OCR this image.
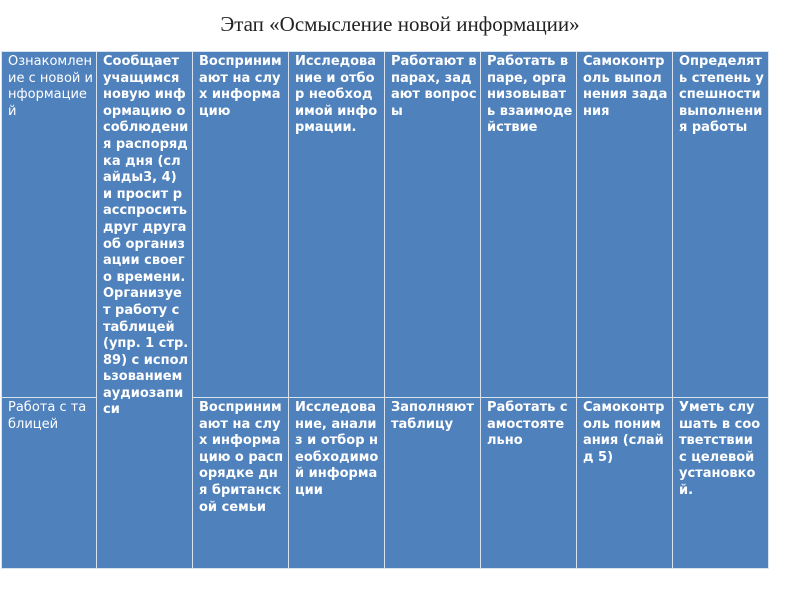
Этап «Осмысление новой информации»
Ознакомление с новой информацией	Сообщает учащимся новую информацию о соблюдения распорядка дня (слайды3, 4) и просит расспросить друг друга об организации своего времени. Организует работу с таблицей (упр. 1 стр. 89) с использованием аудиозаписи	Воспринимают на слух информацию	Исследование и отбор необходимой информации.	Работают в парах, задают вопросы	Работать в паре, организовывать взаимодействие	Самоконтроль выполнения задания	Определять степень успешности выполнения работы

Работа с таблицей		Воспринимают на слух информацию о распорядке дня британской семьи	Исследование, анализ и отбор необходимой информации	Заполняют таблицу	Работать самостоятельно	Самоконтроль понимания (слайд 5)	Уметь слушать в соответствии с целевой установкой.
